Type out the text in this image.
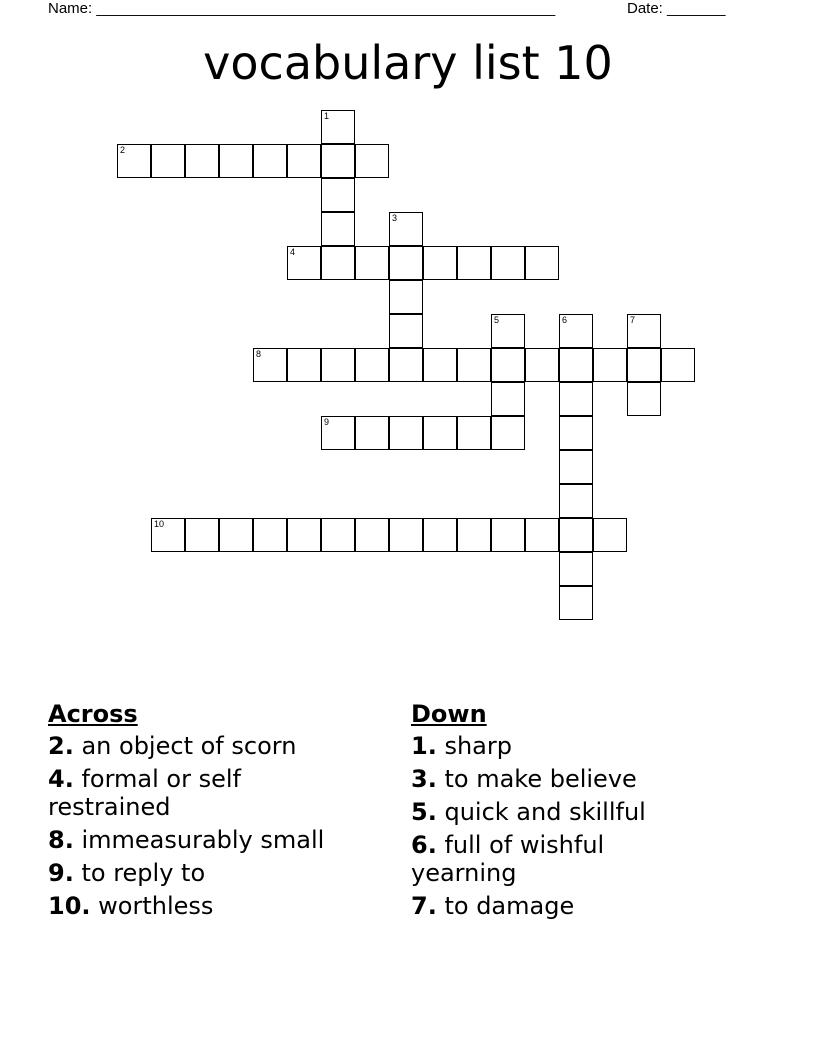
Name: _______________________________________________________	Date: _______
vocabulary list 10
1
2
3
4
5	6	7
8
9
10
Across
2. an object of scorn
4. formal or self restrained
8. immeasurably small
9. to reply to
10. worthless
Down
1. sharp
3. to make believe
5. quick and skillful
6. full of wishful yearning
7. to damage
